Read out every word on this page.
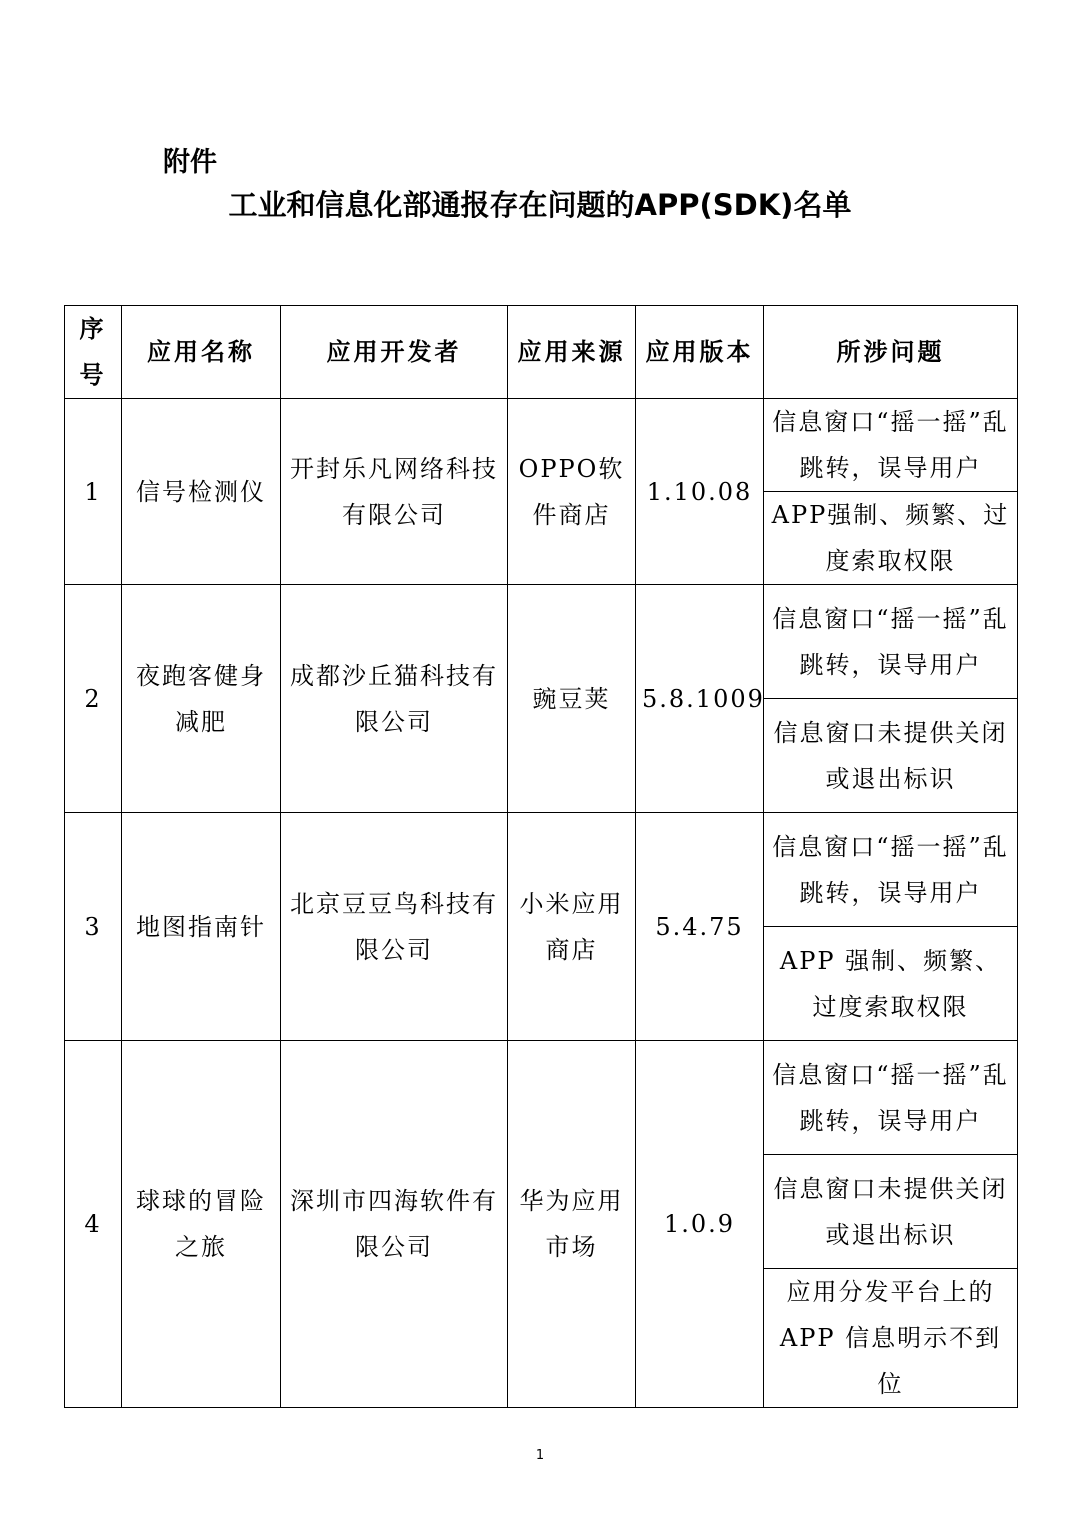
附件
工业和信息化部通报存在问题的APP(SDK)名单
序号	应用名称	应用开发者	应用来源	应用版本	所涉问题
1	信号检测仪	开封乐凡网络科技有限公司	OPPO软件商店	1.10.08	信息窗口“摇一摇”乱跳转，误导用户
					APP强制、频繁、过度索取权限
2	夜跑客健身减肥	成都沙丘猫科技有限公司	豌豆荚	5.8.1009	信息窗口“摇一摇”乱跳转，误导用户
					信息窗口未提供关闭或退出标识
3	地图指南针	北京豆豆鸟科技有限公司	小米应用商店	5.4.75	信息窗口“摇一摇”乱跳转，误导用户
					APP 强制、频繁、过度索取权限
4	球球的冒险之旅	深圳市四海软件有限公司	华为应用市场	1.0.9	信息窗口“摇一摇”乱跳转，误导用户
					信息窗口未提供关闭或退出标识
					应用分发平台上的APP 信息明示不到位
1
